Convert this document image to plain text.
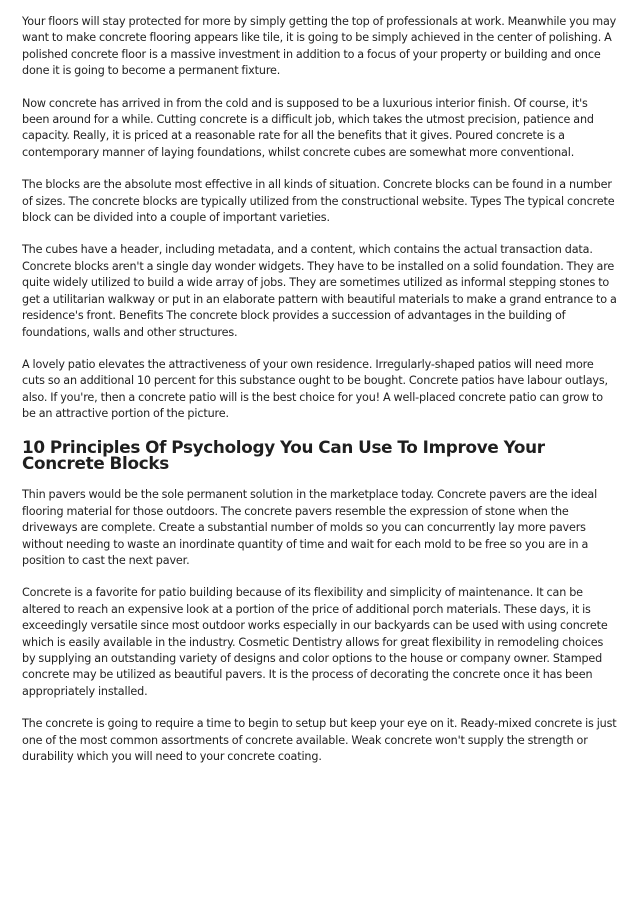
Your floors will stay protected for more by simply getting the top of professionals at work. Meanwhile you may want to make concrete flooring appears like tile, it is going to be simply achieved in the center of polishing. A polished concrete floor is a massive investment in addition to a focus of your property or building and once done it is going to become a permanent fixture.

Now concrete has arrived in from the cold and is supposed to be a luxurious interior finish. Of course, it's been around for a while. Cutting concrete is a difficult job, which takes the utmost precision, patience and capacity. Really, it is priced at a reasonable rate for all the benefits that it gives. Poured concrete is a contemporary manner of laying foundations, whilst concrete cubes are somewhat more conventional.

The blocks are the absolute most effective in all kinds of situation. Concrete blocks can be found in a number of sizes. The concrete blocks are typically utilized from the constructional website. Types The typical concrete block can be divided into a couple of important varieties.

The cubes have a header, including metadata, and a content, which contains the actual transaction data. Concrete blocks aren't a single day wonder widgets. They have to be installed on a solid foundation. They are quite widely utilized to build a wide array of jobs. They are sometimes utilized as informal stepping stones to get a utilitarian walkway or put in an elaborate pattern with beautiful materials to make a grand entrance to a residence's front. Benefits The concrete block provides a succession of advantages in the building of foundations, walls and other structures.

A lovely patio elevates the attractiveness of your own residence. Irregularly-shaped patios will need more cuts so an additional 10 percent for this substance ought to be bought. Concrete patios have labour outlays, also. If you're, then a concrete patio will is the best choice for you! A well-placed concrete patio can grow to be an attractive portion of the picture.

10 Principles Of Psychology You Can Use To Improve Your Concrete Blocks

Thin pavers would be the sole permanent solution in the marketplace today. Concrete pavers are the ideal flooring material for those outdoors. The concrete pavers resemble the expression of stone when the driveways are complete. Create a substantial number of molds so you can concurrently lay more pavers without needing to waste an inordinate quantity of time and wait for each mold to be free so you are in a position to cast the next paver.

Concrete is a favorite for patio building because of its flexibility and simplicity of maintenance. It can be altered to reach an expensive look at a portion of the price of additional porch materials. These days, it is exceedingly versatile since most outdoor works especially in our backyards can be used with using concrete which is easily available in the industry. Cosmetic Dentistry allows for great flexibility in remodeling choices by supplying an outstanding variety of designs and color options to the house or company owner. Stamped concrete may be utilized as beautiful pavers. It is the process of decorating the concrete once it has been appropriately installed.

The concrete is going to require a time to begin to setup but keep your eye on it. Ready-mixed concrete is just one of the most common assortments of concrete available. Weak concrete won't supply the strength or durability which you will need to your concrete coating.
